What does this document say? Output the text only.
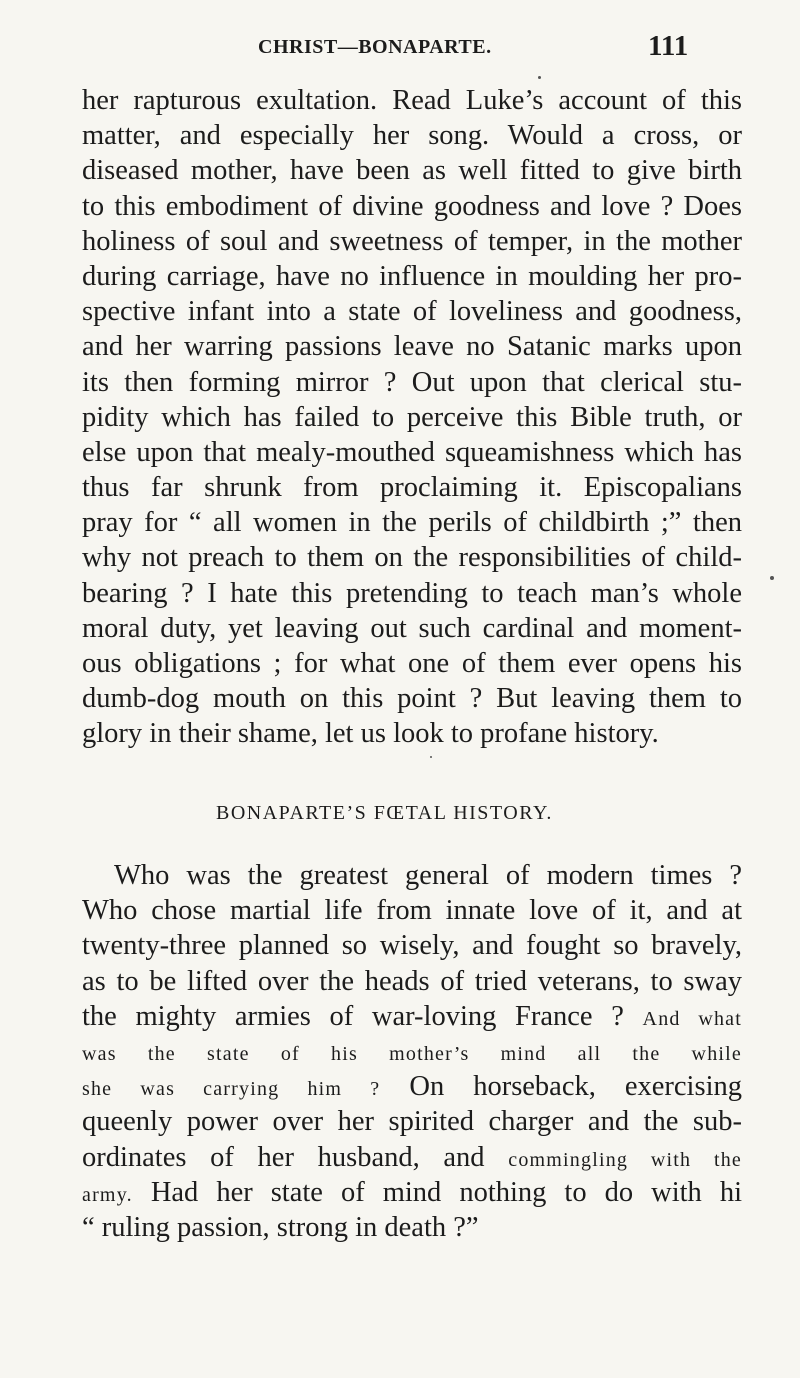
CHRIST—BONAPARTE.	111
her rapturous exultation. Read Luke’s account of this
matter, and especially her song. Would a cross, or
diseased mother, have been as well fitted to give birth
to this embodiment of divine goodness and love ? Does
holiness of soul and sweetness of temper, in the mother
during carriage, have no influence in moulding her pro-
spective infant into a state of loveliness and goodness,
and her warring passions leave no Satanic marks upon
its then forming mirror ? Out upon that clerical stu-
pidity which has failed to perceive this Bible truth, or
else upon that mealy-mouthed squeamishness which has
thus far shrunk from proclaiming it. Episcopalians
pray for “ all women in the perils of childbirth ;” then
why not preach to them on the responsibilities of child-
bearing ? I hate this pretending to teach man’s whole
moral duty, yet leaving out such cardinal and moment-
ous obligations ; for what one of them ever opens his
dumb-dog mouth on this point ? But leaving them to
glory in their shame, let us look to profane history.
BONAPARTE’S FŒTAL HISTORY.
Who was the greatest general of modern times ?
Who chose martial life from innate love of it, and at
twenty-three planned so wisely, and fought so bravely,
as to be lifted over the heads of tried veterans, to sway
the mighty armies of war-loving France ? And what
was the state of his mother’s mind all the while
she was carrying him ? On horseback, exercising
queenly power over her spirited charger and the sub-
ordinates of her husband, and commingling with the
army. Had her state of mind nothing to do with hi
“ ruling passion, strong in death ?”
